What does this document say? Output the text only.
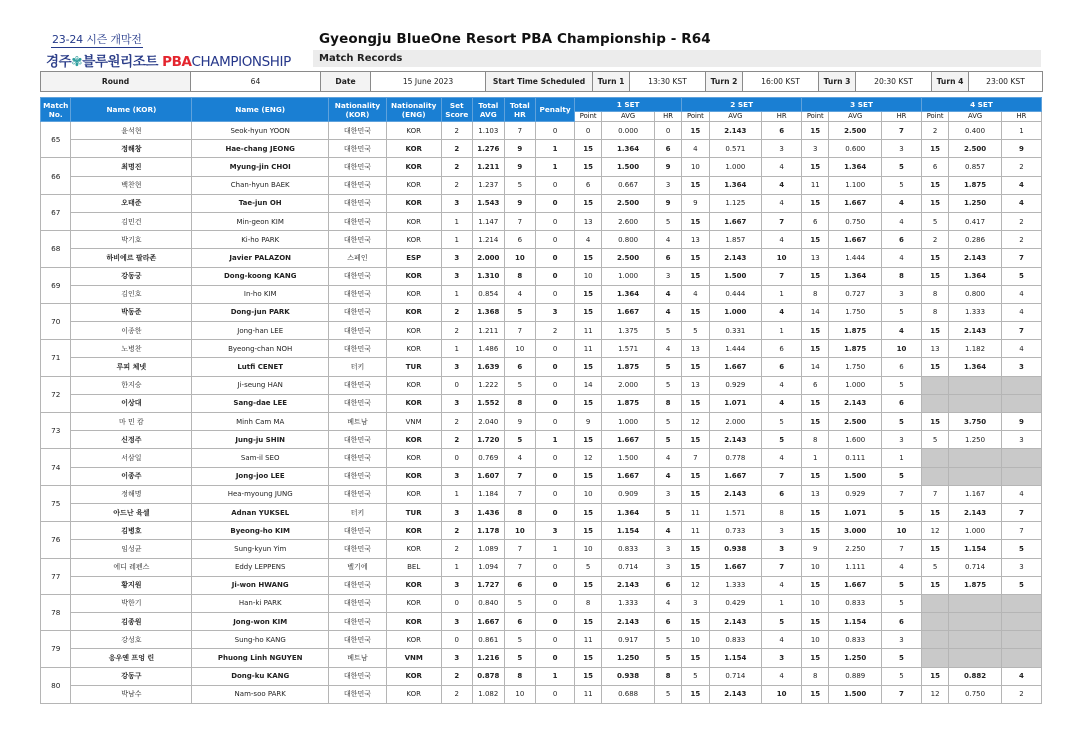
23-24 시즌 개막전
경주✾블루원리조트 PBACHAMPIONSHIP
Gyeongju BlueOne Resort PBA Championship - R64
Match Records
Round	64	Date	15 June 2023	Start Time Scheduled	Turn 1	13:30 KST	Turn 2	16:00 KST	Turn 3	20:30 KST	Turn 4	23:00 KST
Match No.	Name (KOR)	Name (ENG)	Nationality (KOR)	Nationality (ENG)	Set Score	Total AVG	Total HR	Penalty	1 SET			2 SET			3 SET			4 SET		
									Point	AVG	HR	Point	AVG	HR	Point	AVG	HR	Point	AVG	HR
65	윤석현	Seok-hyun YOON	대한민국	KOR	2	1.103	7	0	0	0.000	0	15	2.143	6	15	2.500	7	2	0.400	1
	정해창	Hae-chang JEONG	대한민국	KOR	2	1.276	9	1	15	1.364	6	4	0.571	3	3	0.600	3	15	2.500	9
66	최명진	Myung-jin CHOI	대한민국	KOR	2	1.211	9	1	15	1.500	9	10	1.000	4	15	1.364	5	6	0.857	2
	백찬현	Chan-hyun BAEK	대한민국	KOR	2	1.237	5	0	6	0.667	3	15	1.364	4	11	1.100	5	15	1.875	4
67	오태준	Tae-jun OH	대한민국	KOR	3	1.543	9	0	15	2.500	9	9	1.125	4	15	1.667	4	15	1.250	4
	김민건	Min-geon KIM	대한민국	KOR	1	1.147	7	0	13	2.600	5	15	1.667	7	6	0.750	4	5	0.417	2
68	박기호	Ki-ho PARK	대한민국	KOR	1	1.214	6	0	4	0.800	4	13	1.857	4	15	1.667	6	2	0.286	2
	하비에르 팔라존	Javier PALAZON	스페인	ESP	3	2.000	10	0	15	2.500	6	15	2.143	10	13	1.444	4	15	2.143	7
69	강동궁	Dong-koong KANG	대한민국	KOR	3	1.310	8	0	10	1.000	3	15	1.500	7	15	1.364	8	15	1.364	5
	김인호	In-ho KIM	대한민국	KOR	1	0.854	4	0	15	1.364	4	4	0.444	1	8	0.727	3	8	0.800	4
70	박동준	Dong-jun PARK	대한민국	KOR	2	1.368	5	3	15	1.667	4	15	1.000	4	14	1.750	5	8	1.333	4
	이종한	Jong-han LEE	대한민국	KOR	2	1.211	7	2	11	1.375	5	5	0.331	1	15	1.875	4	15	2.143	7
71	노병찬	Byeong-chan NOH	대한민국	KOR	1	1.486	10	0	11	1.571	4	13	1.444	6	15	1.875	10	13	1.182	4
	루피 체넷	Lutfi CENET	터키	TUR	3	1.639	6	0	15	1.875	5	15	1.667	6	14	1.750	6	15	1.364	3
72	한지승	Ji-seung HAN	대한민국	KOR	0	1.222	5	0	14	2.000	5	13	0.929	4	6	1.000	5			
	이상대	Sang-dae LEE	대한민국	KOR	3	1.552	8	0	15	1.875	8	15	1.071	4	15	2.143	6			
73	마 민 캄	Minh Cam MA	베트남	VNM	2	2.040	9	0	9	1.000	5	12	2.000	5	15	2.500	5	15	3.750	9
	신정주	Jung-ju SHIN	대한민국	KOR	2	1.720	5	1	15	1.667	5	15	2.143	5	8	1.600	3	5	1.250	3
74	서삼일	Sam-il SEO	대한민국	KOR	0	0.769	4	0	12	1.500	4	7	0.778	4	1	0.111	1			
	이종주	Jong-joo LEE	대한민국	KOR	3	1.607	7	0	15	1.667	4	15	1.667	7	15	1.500	5			
75	정해명	Hea-myoung JUNG	대한민국	KOR	1	1.184	7	0	10	0.909	3	15	2.143	6	13	0.929	7	7	1.167	4
	아드난 육셀	Adnan YUKSEL	터키	TUR	3	1.436	8	0	15	1.364	5	11	1.571	8	15	1.071	5	15	2.143	7
76	김병호	Byeong-ho KIM	대한민국	KOR	2	1.178	10	3	15	1.154	4	11	0.733	3	15	3.000	10	12	1.000	7
	임성균	Sung-kyun Yim	대한민국	KOR	2	1.089	7	1	10	0.833	3	15	0.938	3	9	2.250	7	15	1.154	5
77	에디 레펜스	Eddy LEPPENS	벨기에	BEL	1	1.094	7	0	5	0.714	3	15	1.667	7	10	1.111	4	5	0.714	3
	황지원	Ji-won HWANG	대한민국	KOR	3	1.727	6	0	15	2.143	6	12	1.333	4	15	1.667	5	15	1.875	5
78	박한기	Han-ki PARK	대한민국	KOR	0	0.840	5	0	8	1.333	4	3	0.429	1	10	0.833	5			
	김종원	Jong-won KIM	대한민국	KOR	3	1.667	6	0	15	2.143	6	15	2.143	5	15	1.154	6			
79	강성호	Sung-ho KANG	대한민국	KOR	0	0.861	5	0	11	0.917	5	10	0.833	4	10	0.833	3			
	응우옌 프엉 린	Phuong Linh NGUYEN	베트남	VNM	3	1.216	5	0	15	1.250	5	15	1.154	3	15	1.250	5			
80	강동구	Dong-ku KANG	대한민국	KOR	2	0.878	8	1	15	0.938	8	5	0.714	4	8	0.889	5	15	0.882	4
	박남수	Nam-soo PARK	대한민국	KOR	2	1.082	10	0	11	0.688	5	15	2.143	10	15	1.500	7	12	0.750	2
